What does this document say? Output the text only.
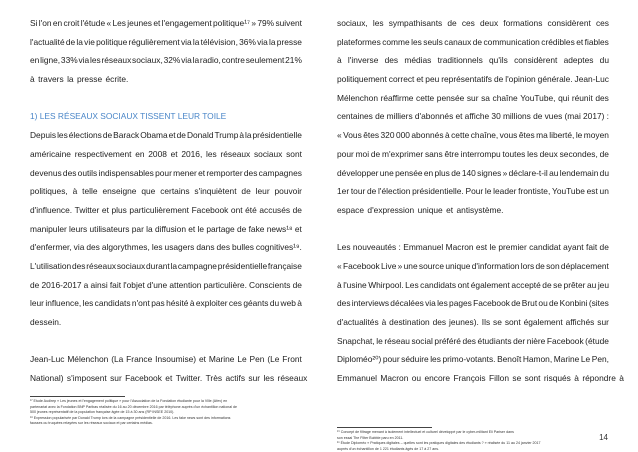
Si l'on en croit l'étude « Les jeunes et l'engagement politique¹⁷ » 79% suivent
l'actualité de la vie politique régulièrement via la télévision, 36% via la presse
en ligne, 33% via les réseaux sociaux, 32% via la radio, contre seulement 21%
à travers la presse écrite.
1) LES RÉSEAUX SOCIAUX TISSENT LEUR TOILE
Depuis les élections de Barack Obama et de Donald Trump à la présidentielle
américaine respectivement en 2008 et 2016, les réseaux sociaux sont
devenus des outils indispensables pour mener et remporter des campagnes
politiques, à telle enseigne que certains s'inquiètent de leur pouvoir
d'influence. Twitter et plus particulièrement Facebook ont été accusés de
manipuler leurs utilisateurs par la diffusion et le partage de fake news¹⁸ et
d'enfermer, via des algorythmes, les usagers dans des bulles cognitives¹⁹.
L'utilisation des réseaux sociaux durant la campagne présidentielle française
de 2016-2017 a ainsi fait l'objet d'une attention particulière. Conscients de
leur influence, les candidats n'ont pas hésité à exploiter ces géants du web à
dessein.
Jean-Luc Mélenchon (La France Insoumise) et Marine Le Pen (Le Front
National) s'imposent sur Facebook et Twitter. Très actifs sur les réseaux
sociaux, les sympathisants de ces deux formations considèrent ces
plateformes comme les seuls canaux de communication crédibles et fiables
à l'inverse des médias traditionnels qu'ils considèrent adeptes du
politiquement correct et peu représentatifs de l'opinion générale. Jean-Luc
Mélenchon réaffirme cette pensée sur sa chaîne YouTube, qui réunit des
centaines de milliers d'abonnés et affiche 30 millions de vues (mai 2017) :
« Vous êtes 320 000 abonnés à cette chaîne, vous êtes ma liberté, le moyen
pour moi de m'exprimer sans être interrompu toutes les deux secondes, de
développer une pensée en plus de 140 signes » déclare-t-il au lendemain du
1er tour de l'élection présidentielle. Pour le leader frontiste, YouTube est un
espace d'expression unique et antisystème.
Les nouveautés : Emmanuel Macron est le premier candidat ayant fait de
« Facebook Live » une source unique d'information lors de son déplacement
à l'usine Whirpool. Les candidats ont également accepté de se prêter au jeu
des interviews décalées via les pages Facebook de Brut ou de Konbini (sites
d'actualités à destination des jeunes). Ils se sont également affichés sur
Snapchat, le réseau social préféré des étudiants der nière Facebook (étude
Diploméo²⁰) pour séduire les primo-votants. Benoît Hamon, Marine Le Pen,
Emmanuel Macron ou encore François Fillon se sont risqués à répondre à
¹⁷ Etude Audirep « Les jeunes et l'engagement politique » pour l'Association de la Fondation étudiante pour la Ville (Afev) en
partenariat avec la Fondation BNP Paribas réalisée du 16 au 20 décembre 2016 par téléphone auprès d'un échantillon national de
500 jeunes représentatif de la population française âgée de 15 à 30 ans (RP INSEE 2010).
¹⁸ Expression popularisée par Donald Trump lors de la campagne présidentielle de 2016. Les fake news sont des informations
fausses ou truquées relayées sur les réseaux sociaux et par certains médias.
¹⁹ Concept de filtrage menant à isolement intellectuel et culturel développé par le cyber-militant Eli Pariser dans
son essai The Filter Bubble paru en 2011.
²⁰ Étude Diploméo « Pratiques digitales – quelles sont les pratiques digitales des étudiants ? » réalisée du 11 au 24 janvier 2017
auprès d'un échantillon de 1 221 étudiants âgés de 17 à 27 ans.
14
